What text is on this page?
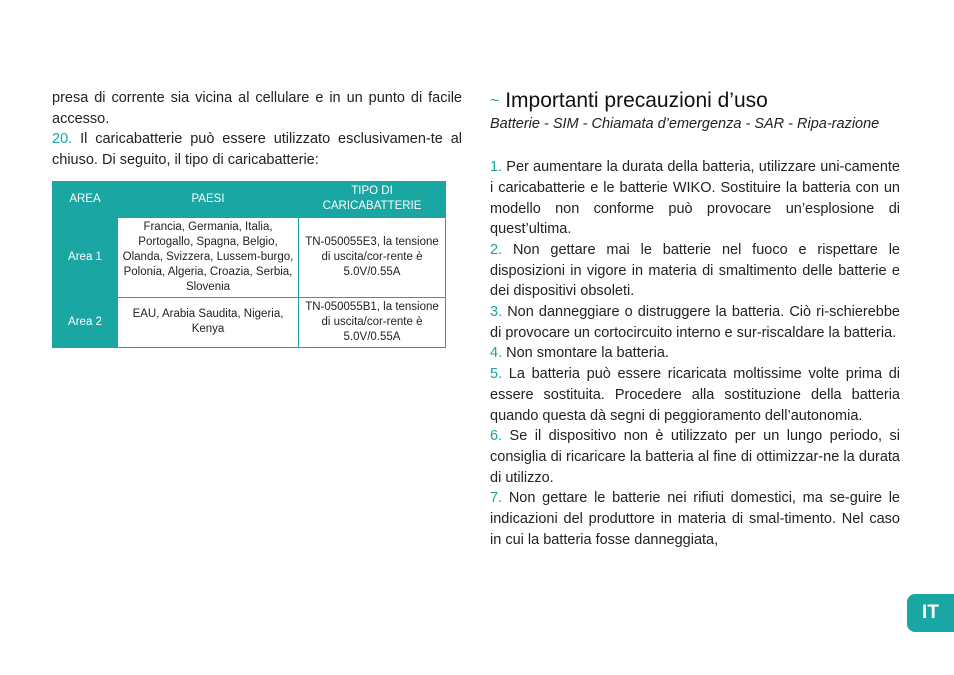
presa di corrente sia vicina al cellulare e in un punto di facile accesso.

20. Il caricabatterie può essere utilizzato esclusivamen-te al chiuso. Di seguito, il tipo di caricabatterie:

AREA	PAESI	TIPO DI CARICABATTERIE
Area 1	Francia, Germania, Italia, Portogallo, Spagna, Belgio, Olanda, Svizzera, Lussem-burgo, Polonia, Algeria, Croazia, Serbia, Slovenia	TN-050055E3, la tensione di uscita/cor-rente è 5.0V/0.55A
Area 2	EAU, Arabia Saudita, Nigeria, Kenya	TN-050055B1, la tensione di uscita/cor-rente è 5.0V/0.55A
~ Importanti precauzioni d’uso
Batterie - SIM - Chiamata d’emergenza - SAR - Ripa-razione

1. Per aumentare la durata della batteria, utilizzare uni-camente i caricabatterie e le batterie WIKO. Sostituire la batteria con un modello non conforme può provocare un’esplosione di quest’ultima.

2. Non gettare mai le batterie nel fuoco e rispettare le disposizioni in vigore in materia di smaltimento delle batterie e dei dispositivi obsoleti.

3. Non danneggiare o distruggere la batteria. Ciò ri-schierebbe di provocare un cortocircuito interno e sur-riscaldare la batteria.

4. Non smontare la batteria.

5. La batteria può essere ricaricata moltissime volte prima di essere sostituita. Procedere alla sostituzione della batteria quando questa dà segni di peggioramento dell’autonomia.

6. Se il dispositivo non è utilizzato per un lungo periodo, si consiglia di ricaricare la batteria al fine di ottimizzar-ne la durata di utilizzo.

7. Non gettare le batterie nei rifiuti domestici, ma se-guire le indicazioni del produttore in materia di smal-timento. Nel caso in cui la batteria fosse danneggiata,

IT
